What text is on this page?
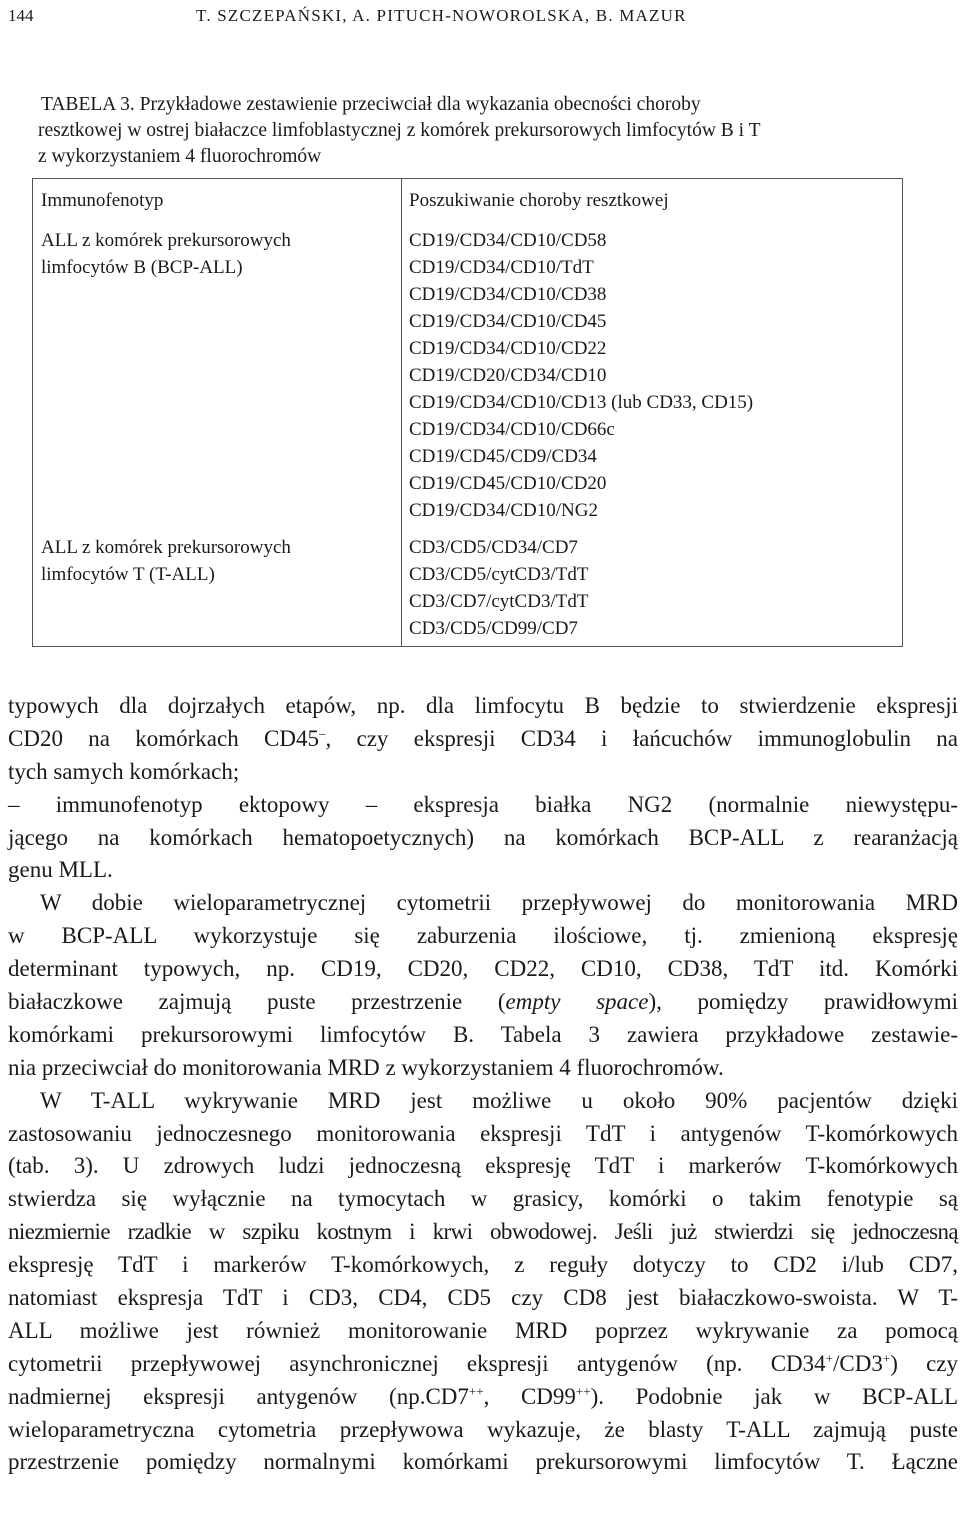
144	T. SZCZEPAŃSKI, A. PITUCH-NOWOROLSKA, B. MAZUR
TABELA 3. Przykładowe zestawienie przeciwciał dla wykazania obecności choroby
resztkowej w ostrej białaczce limfoblastycznej z komórek prekursorowych limfocytów B i T
z wykorzystaniem 4 fluorochromów
Immunofenotyp	Poszukiwanie choroby resztkowej
ALL z komórek prekursorowych
limfocytów B (BCP-ALL)
CD19/CD34/CD10/CD58
CD19/CD34/CD10/TdT
CD19/CD34/CD10/CD38
CD19/CD34/CD10/CD45
CD19/CD34/CD10/CD22
CD19/CD20/CD34/CD10
CD19/CD34/CD10/CD13 (lub CD33, CD15)
CD19/CD34/CD10/CD66c
CD19/CD45/CD9/CD34
CD19/CD45/CD10/CD20
CD19/CD34/CD10/NG2
ALL z komórek prekursorowych
limfocytów T (T-ALL)
CD3/CD5/CD34/CD7
CD3/CD5/cytCD3/TdT
CD3/CD7/cytCD3/TdT
CD3/CD5/CD99/CD7
typowych dla dojrzałych etapów, np. dla limfocytu B będzie to stwierdzenie ekspresji
CD20 na komórkach CD45–, czy ekspresji CD34 i łańcuchów immunoglobulin na
tych samych komórkach;
– immunofenotyp ektopowy – ekspresja białka NG2 (normalnie niewystępu-
jącego na komórkach hematopoetycznych) na komórkach BCP-ALL z rearanżacją
genu MLL.
W dobie wieloparametrycznej cytometrii przepływowej do monitorowania MRD
w BCP-ALL wykorzystuje się zaburzenia ilościowe, tj. zmienioną ekspresję
determinant typowych, np. CD19, CD20, CD22, CD10, CD38, TdT itd. Komórki
białaczkowe zajmują puste przestrzenie (empty space), pomiędzy prawidłowymi
komórkami prekursorowymi limfocytów B. Tabela 3 zawiera przykładowe zestawie-
nia przeciwciał do monitorowania MRD z wykorzystaniem 4 fluorochromów.
W T-ALL wykrywanie MRD jest możliwe u około 90% pacjentów dzięki
zastosowaniu jednoczesnego monitorowania ekspresji TdT i antygenów T-komórkowych
(tab. 3). U zdrowych ludzi jednoczesną ekspresję TdT i markerów T-komórkowych
stwierdza się wyłącznie na tymocytach w grasicy, komórki o takim fenotypie są
niezmiernie rzadkie w szpiku kostnym i krwi obwodowej. Jeśli już stwierdzi się jednoczesną
ekspresję TdT i markerów T-komórkowych, z reguły dotyczy to CD2 i/lub CD7,
natomiast ekspresja TdT i CD3, CD4, CD5 czy CD8 jest białaczkowo-swoista. W T-
ALL możliwe jest również monitorowanie MRD poprzez wykrywanie za pomocą
cytometrii przepływowej asynchronicznej ekspresji antygenów (np. CD34+/CD3+) czy
nadmiernej ekspresji antygenów (np.CD7++, CD99++). Podobnie jak w BCP-ALL
wieloparametryczna cytometria przepływowa wykazuje, że blasty T-ALL zajmują puste
przestrzenie pomiędzy normalnymi komórkami prekursorowymi limfocytów T. Łączne
